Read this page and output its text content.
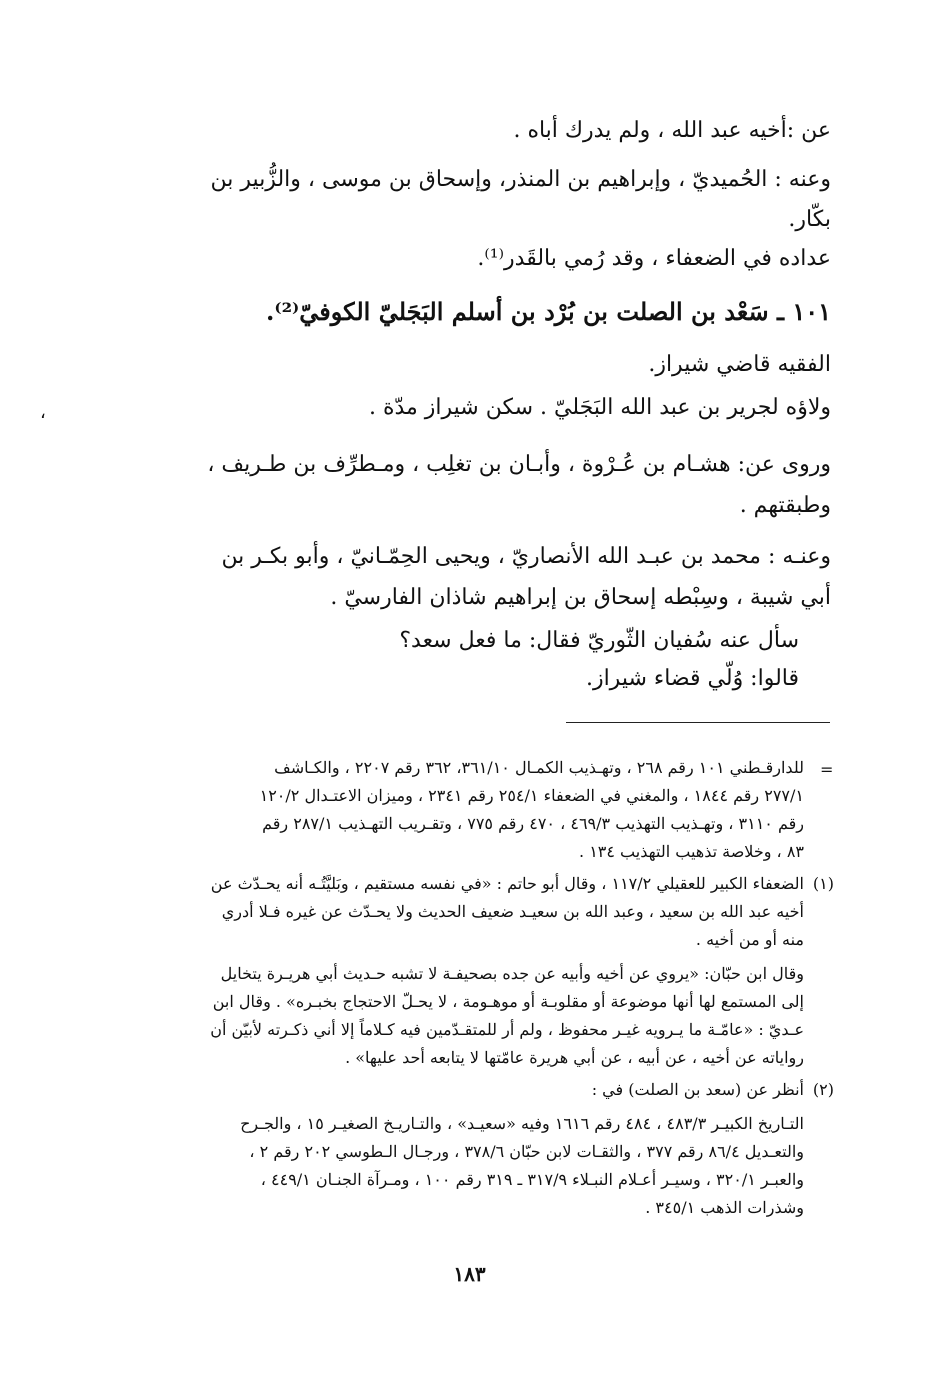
عن :أخيه عبد الله ، ولم يدرك أباه .
وعنه : الحُميديّ ، وإبراهيم بن المنذر، وإسحاق بن موسى ، والزُّبير بن
بكّار.
عداده في الضعفاء ، وقد رُمي بالقَدر⁽¹⁾.
١٠١ ـ سَعْد بن الصلت بن بُرْد بن أسلم البَجَليّ الكوفيّ⁽²⁾.
الفقيه قاضي شيراز.
ولاؤه لجرير بن عبد الله البَجَليّ . سكن شيراز مدّة .
وروى عن: هشـام بن عُـرْوة ، وأبـان بن تغلِب ، ومـطرِّف بن طـريف ،
وطبقتهم .
وعنـه : محمد بن عبـد الله الأنصاريّ ، ويحيى الحِمّـانيّ ، وأبو بكـر بن
أبي شيبة ، وسِبْطه إسحاق بن إبراهيم شاذان الفارسيّ .
سأل عنه سُفيان الثّوريّ فقال: ما فعل سعد؟
قالوا: وُلّي قضاء شيراز.
،
=
للدارقـطني ١٠١ رقم ٢٦٨ ، وتهـذيب الكمـال ٣٦١/١٠، ٣٦٢ رقم ٢٢٠٧ ، والكـاشف
٢٧٧/١ رقم ١٨٤٤ ، والمغني في الضعفاء ٢٥٤/١ رقم ٢٣٤١ ، وميزان الاعتـدال ١٢٠/٢
رقم ٣١١٠ ، وتهـذيب التهذيب ٤٦٩/٣ ، ٤٧٠ رقم ٧٧٥ ، وتقـريب التهـذيب ٢٨٧/١ رقم
٨٣ ، وخلاصة تذهيب التهذيب ١٣٤ .
(١)
الضعفاء الكبير للعقيلي ١١٧/٢ ، وقال أبو حاتم : «في نفسه مستقيم ، وبَليَّتُـه أنه يحـدّث عن
أخيه عبد الله بن سعيد ، وعبد الله بن سعيـد ضعيف الحديث ولا يحـدّث عن غيره فـلا أدري
منه أو من أخيه .
وقال ابن حبّان: «يروي عن أخيه وأبيه عن جده بصحيفـة لا تشبه حـديث أبي هريـرة يتخايل
إلى المستمع لها أنها موضوعة أو مقلوبـة أو موهـومة ، لا يحـلّ الاحتجاج بخبـره» . وقال ابن
عـديّ : «عامّـة ما يـرويه غيـر محفوظ ، ولم أر للمتقـدّمين فيه كـلاماً إلا أني ذكـرته لأبيّن أن
رواياته عن أخيه ، عن أبيه ، عن أبي هريرة عامّتها لا يتابعه أحد عليها» .
(٢)
أنظر عن (سعد بن الصلت) في :
التـاريخ الكبيـر ٤٨٣/٣ ، ٤٨٤ رقم ١٦١٦ وفيه «سعيـد» ، والتـاريـخ الصغيـر ١٥ ، والجـرح
والتعـديل ٨٦/٤ رقم ٣٧٧ ، والثقـات لابن حبّان ٣٧٨/٦ ، ورجـال الـطوسي ٢٠٢ رقم ٢ ،
والعبـر ٣٢٠/١ ، وسيـر أعـلام النبـلاء ٣١٧/٩ ـ ٣١٩ رقم ١٠٠ ، ومـرآة الجنـان ٤٤٩/١ ،
وشذرات الذهب ٣٤٥/١ .
١٨٣
